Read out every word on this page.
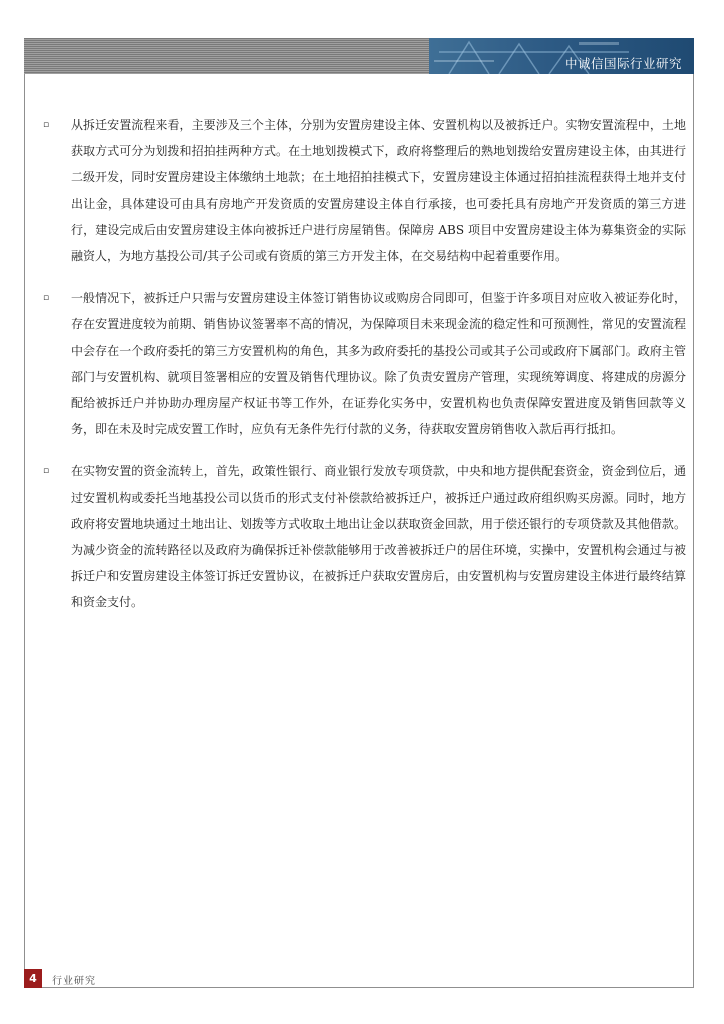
中诚信国际行业研究
▫ 从拆迁安置流程来看，主要涉及三个主体，分别为安置房建设主体、安置机构以及被拆迁户。实物安置流程中，土地获取方式可分为划拨和招拍挂两种方式。在土地划拨模式下，政府将整理后的熟地划拨给安置房建设主体，由其进行二级开发，同时安置房建设主体缴纳土地款；在土地招拍挂模式下，安置房建设主体通过招拍挂流程获得土地并支付出让金，具体建设可由具有房地产开发资质的安置房建设主体自行承接，也可委托具有房地产开发资质的第三方进行，建设完成后由安置房建设主体向被拆迁户进行房屋销售。保障房 ABS 项目中安置房建设主体为募集资金的实际融资人，为地方基投公司/其子公司或有资质的第三方开发主体，在交易结构中起着重要作用。
▫ 一般情况下，被拆迁户只需与安置房建设主体签订销售协议或购房合同即可，但鉴于许多项目对应收入被证券化时，存在安置进度较为前期、销售协议签署率不高的情况，为保障项目未来现金流的稳定性和可预测性，常见的安置流程中会存在一个政府委托的第三方安置机构的角色，其多为政府委托的基投公司或其子公司或政府下属部门。政府主管部门与安置机构、就项目签署相应的安置及销售代理协议。除了负责安置房产管理，实现统筹调度、将建成的房源分配给被拆迁户并协助办理房屋产权证书等工作外，在证券化实务中，安置机构也负责保障安置进度及销售回款等义务，即在未及时完成安置工作时，应负有无条件先行付款的义务，待获取安置房销售收入款后再行抵扣。
▫ 在实物安置的资金流转上，首先，政策性银行、商业银行发放专项贷款，中央和地方提供配套资金，资金到位后，通过安置机构或委托当地基投公司以货币的形式支付补偿款给被拆迁户，被拆迁户通过政府组织购买房源。同时，地方政府将安置地块通过土地出让、划拨等方式收取土地出让金以获取资金回款，用于偿还银行的专项贷款及其他借款。为减少资金的流转路径以及政府为确保拆迁补偿款能够用于改善被拆迁户的居住环境，实操中，安置机构会通过与被拆迁户和安置房建设主体签订拆迁安置协议，在被拆迁户获取安置房后，由安置机构与安置房建设主体进行最终结算和资金支付。
4	行业研究
